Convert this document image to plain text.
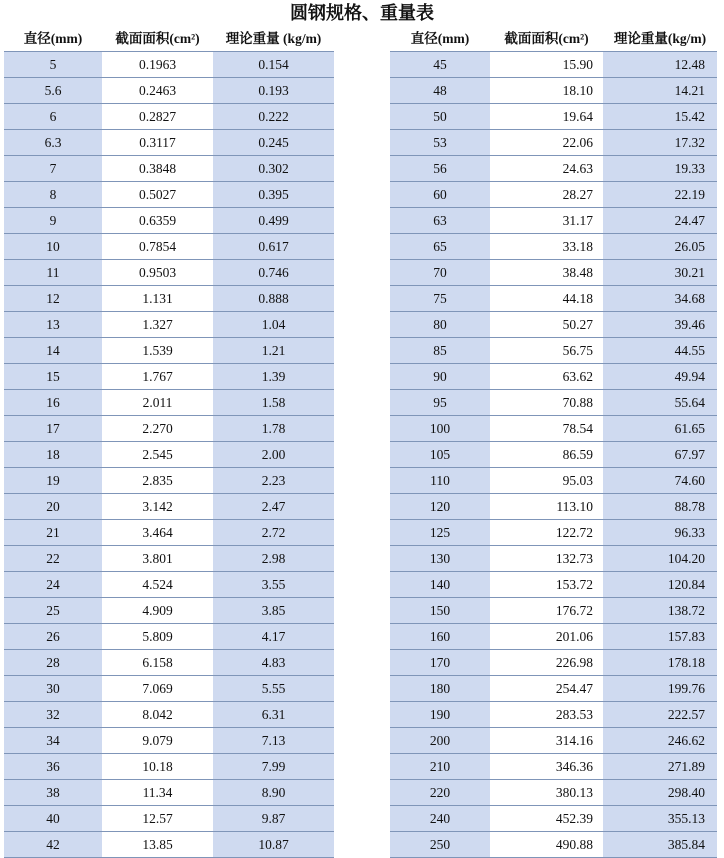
圆钢规格、重量表
直径(mm)	截面面积(cm²)	理论重量 (kg/m)
5	0.1963	0.154
5.6	0.2463	0.193
6	0.2827	0.222
6.3	0.3117	0.245
7	0.3848	0.302
8	0.5027	0.395
9	0.6359	0.499
10	0.7854	0.617
11	0.9503	0.746
12	1.131	0.888
13	1.327	1.04
14	1.539	1.21
15	1.767	1.39
16	2.011	1.58
17	2.270	1.78
18	2.545	2.00
19	2.835	2.23
20	3.142	2.47
21	3.464	2.72
22	3.801	2.98
24	4.524	3.55
25	4.909	3.85
26	5.809	4.17
28	6.158	4.83
30	7.069	5.55
32	8.042	6.31
34	9.079	7.13
36	10.18	7.99
38	11.34	8.90
40	12.57	9.87
42	13.85	10.87
直径(mm)	截面面积(cm²)	理论重量(kg/m)
45	15.90	12.48
48	18.10	14.21
50	19.64	15.42
53	22.06	17.32
56	24.63	19.33
60	28.27	22.19
63	31.17	24.47
65	33.18	26.05
70	38.48	30.21
75	44.18	34.68
80	50.27	39.46
85	56.75	44.55
90	63.62	49.94
95	70.88	55.64
100	78.54	61.65
105	86.59	67.97
110	95.03	74.60
120	113.10	88.78
125	122.72	96.33
130	132.73	104.20
140	153.72	120.84
150	176.72	138.72
160	201.06	157.83
170	226.98	178.18
180	254.47	199.76
190	283.53	222.57
200	314.16	246.62
210	346.36	271.89
220	380.13	298.40
240	452.39	355.13
250	490.88	385.84
